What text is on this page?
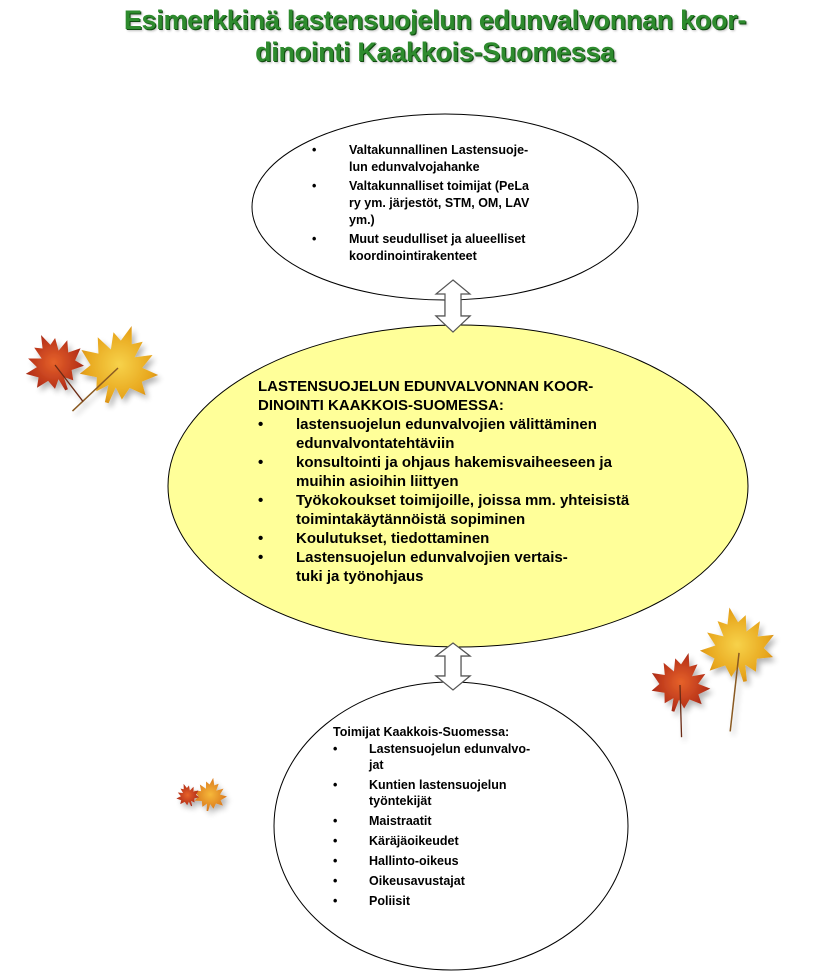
Esimerkkinä lastensuojelun edunvalvonnan koor-
dinointi Kaakkois-Suomessa
•	Valtakunnallinen Lastensuoje-
lun edunvalvojahanke
•	Valtakunnalliset toimijat (PeLa
ry ym. järjestöt, STM, OM, LAV
ym.)
•	Muut seudulliset ja alueelliset
koordinointirakenteet
LASTENSUOJELUN EDUNVALVONNAN KOOR-
DINOINTI KAAKKOIS-SUOMESSA:
• lastensuojelun edunvalvojien välittäminen
edunvalvontatehtäviin
• konsultointi ja ohjaus hakemisvaiheeseen ja
muihin asioihin liittyen
• Työkokoukset toimijoille, joissa mm. yhteisistä
toimintakäytännöistä sopiminen
• Koulutukset, tiedottaminen
• Lastensuojelun edunvalvojien vertais-
tuki ja työnohjaus
Toimijat Kaakkois-Suomessa:
•	Lastensuojelun edunvalvo-
jat
•	Kuntien lastensuojelun
työntekijät
•	Maistraatit
•	Käräjäoikeudet
•	Hallinto-oikeus
•	Oikeusavustajat
•	Poliisit
